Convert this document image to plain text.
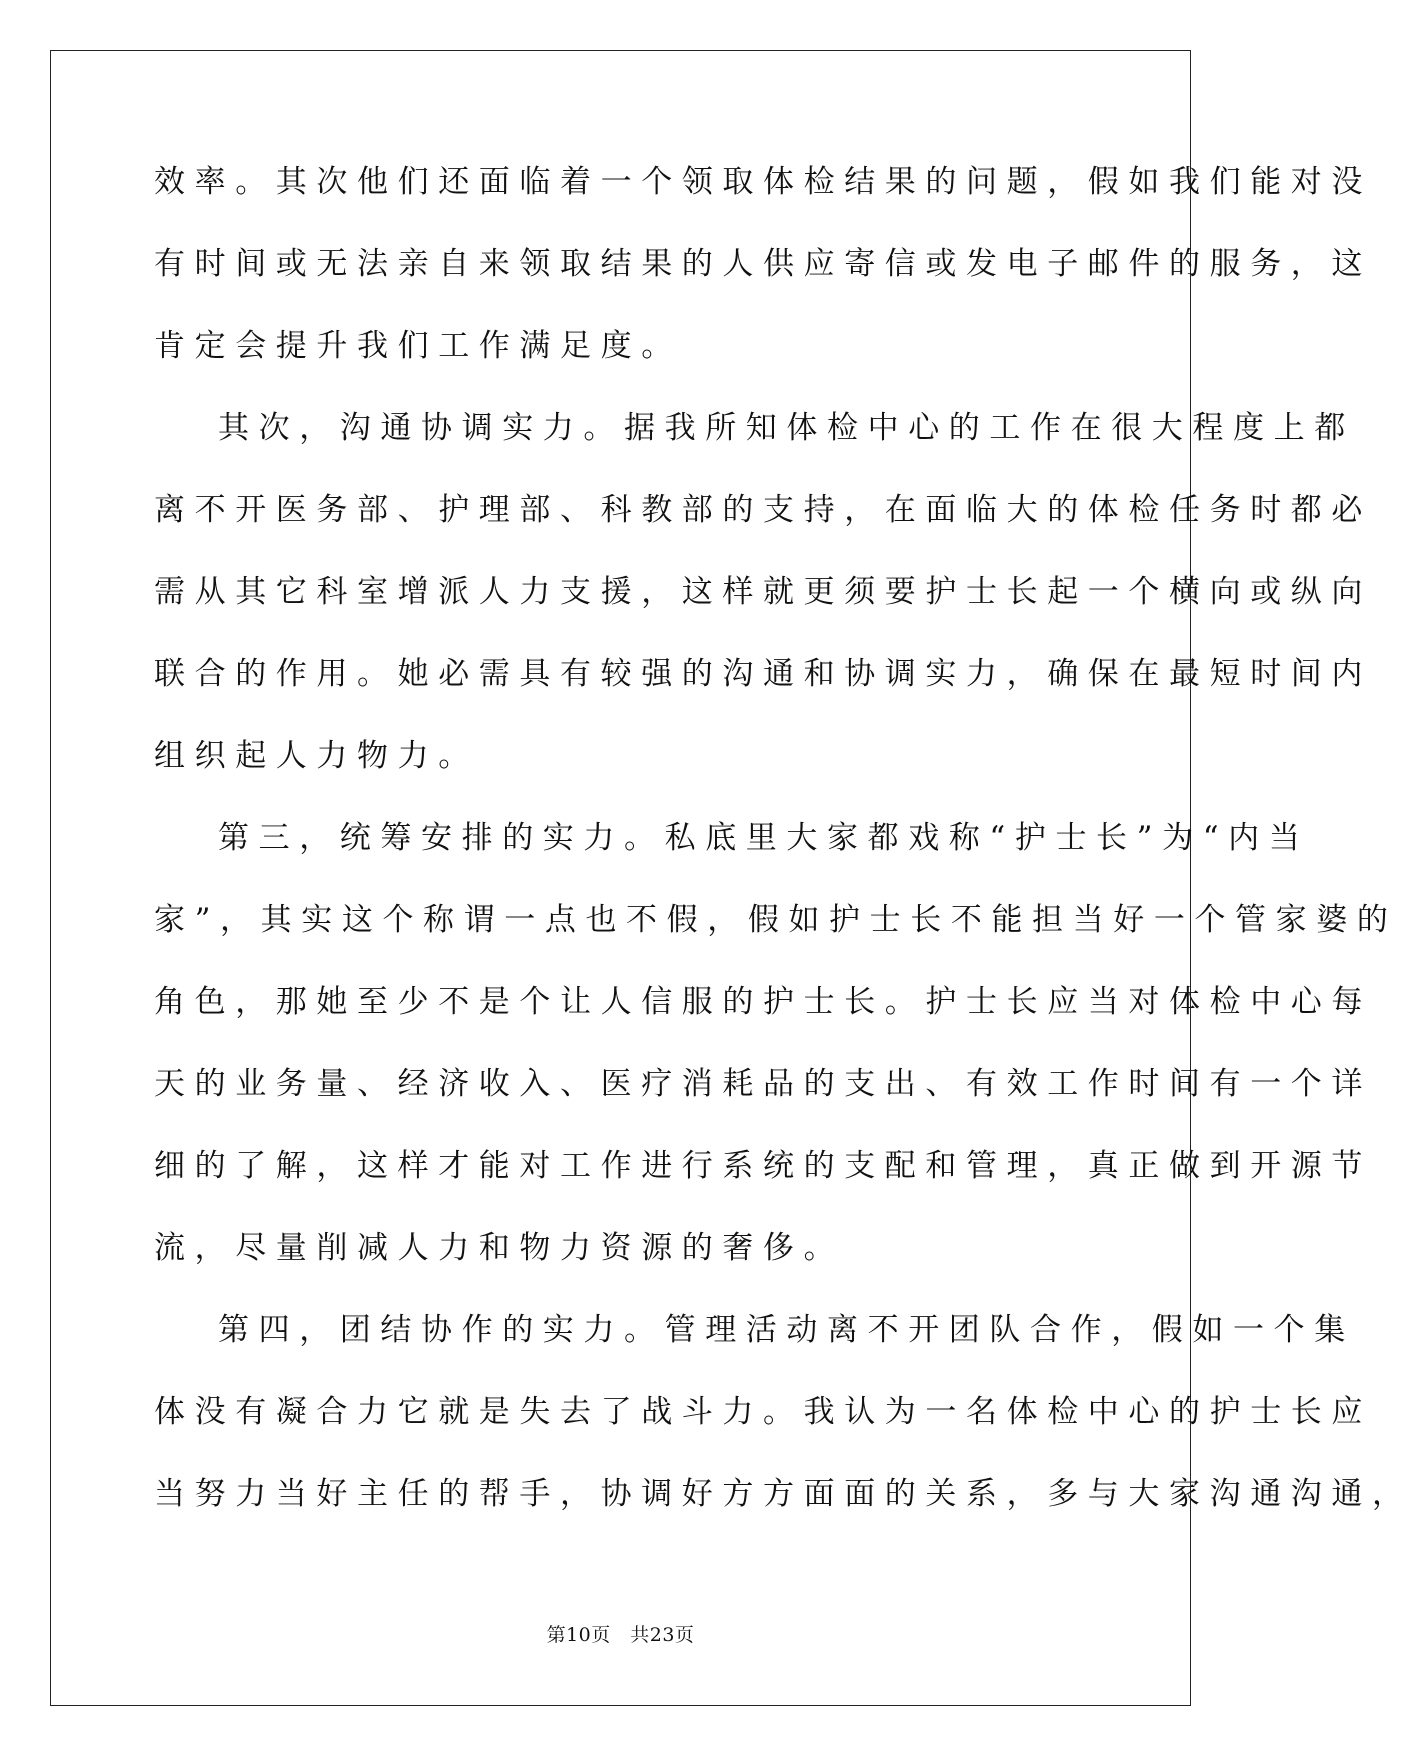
效率。其次他们还面临着一个领取体检结果的问题，假如我们能对没
有时间或无法亲自来领取结果的人供应寄信或发电子邮件的服务，这
肯定会提升我们工作满足度。
其次，沟通协调实力。据我所知体检中心的工作在很大程度上都
离不开医务部、护理部、科教部的支持，在面临大的体检任务时都必
需从其它科室增派人力支援，这样就更须要护士长起一个横向或纵向
联合的作用。她必需具有较强的沟通和协调实力，确保在最短时间内
组织起人力物力。
第三，统筹安排的实力。私底里大家都戏称“护士长”为“内当
家”，其实这个称谓一点也不假，假如护士长不能担当好一个管家婆的
角色，那她至少不是个让人信服的护士长。护士长应当对体检中心每
天的业务量、经济收入、医疗消耗品的支出、有效工作时间有一个详
细的了解，这样才能对工作进行系统的支配和管理，真正做到开源节
流，尽量削减人力和物力资源的奢侈。
第四，团结协作的实力。管理活动离不开团队合作，假如一个集
体没有凝合力它就是失去了战斗力。我认为一名体检中心的护士长应
当努力当好主任的帮手，协调好方方面面的关系，多与大家沟通沟通，
第10页　共23页
